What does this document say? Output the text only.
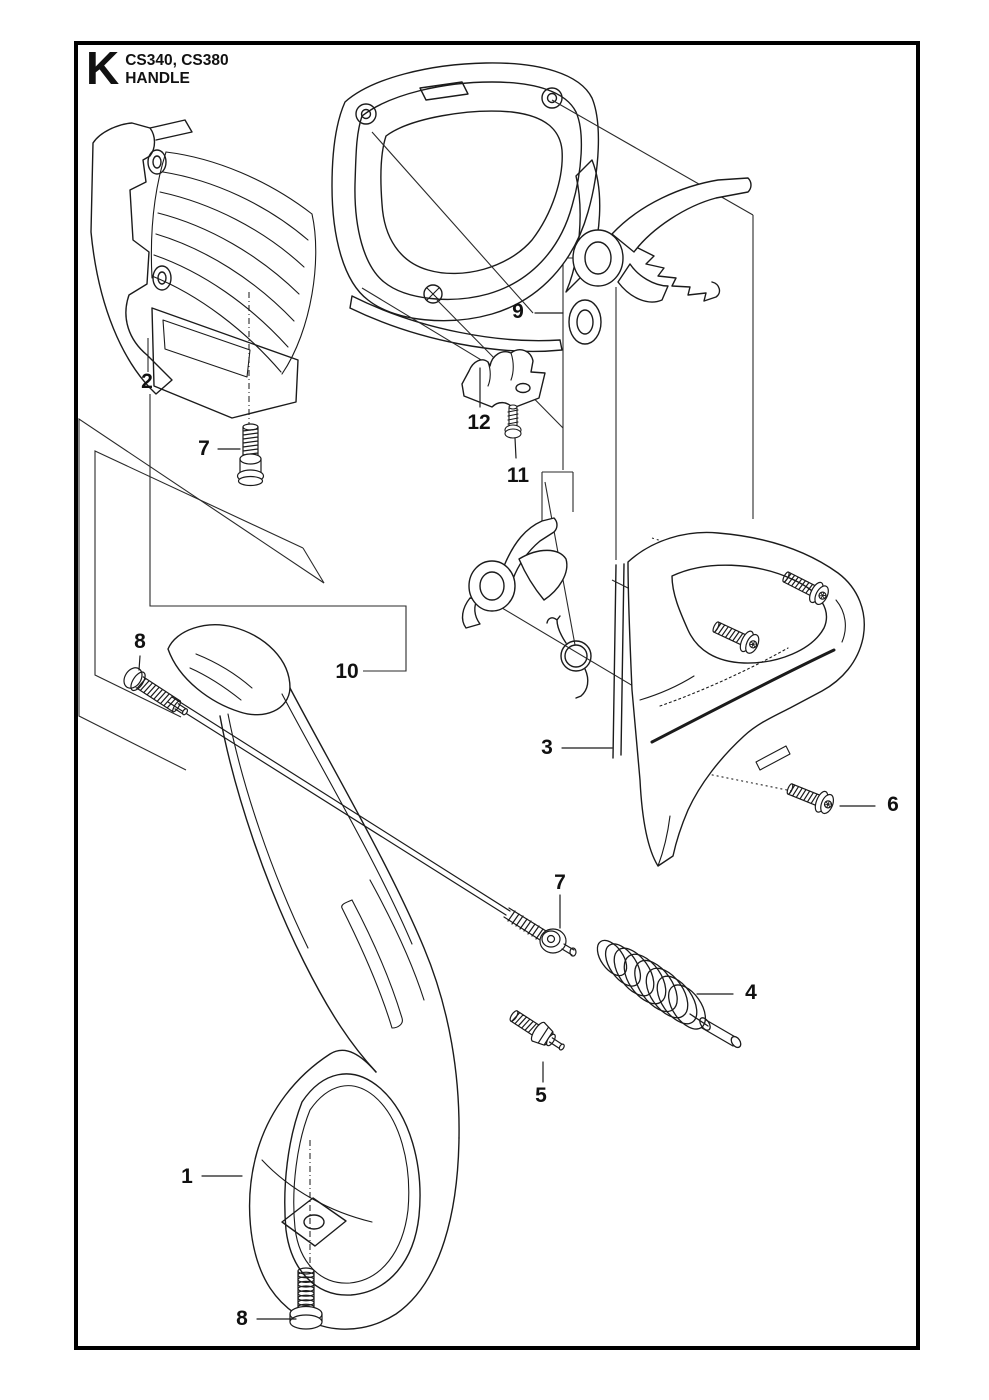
K CS340, CS380
HANDLE
1
2
3
4
5
6
7
7
8
8
9
10
11
12
